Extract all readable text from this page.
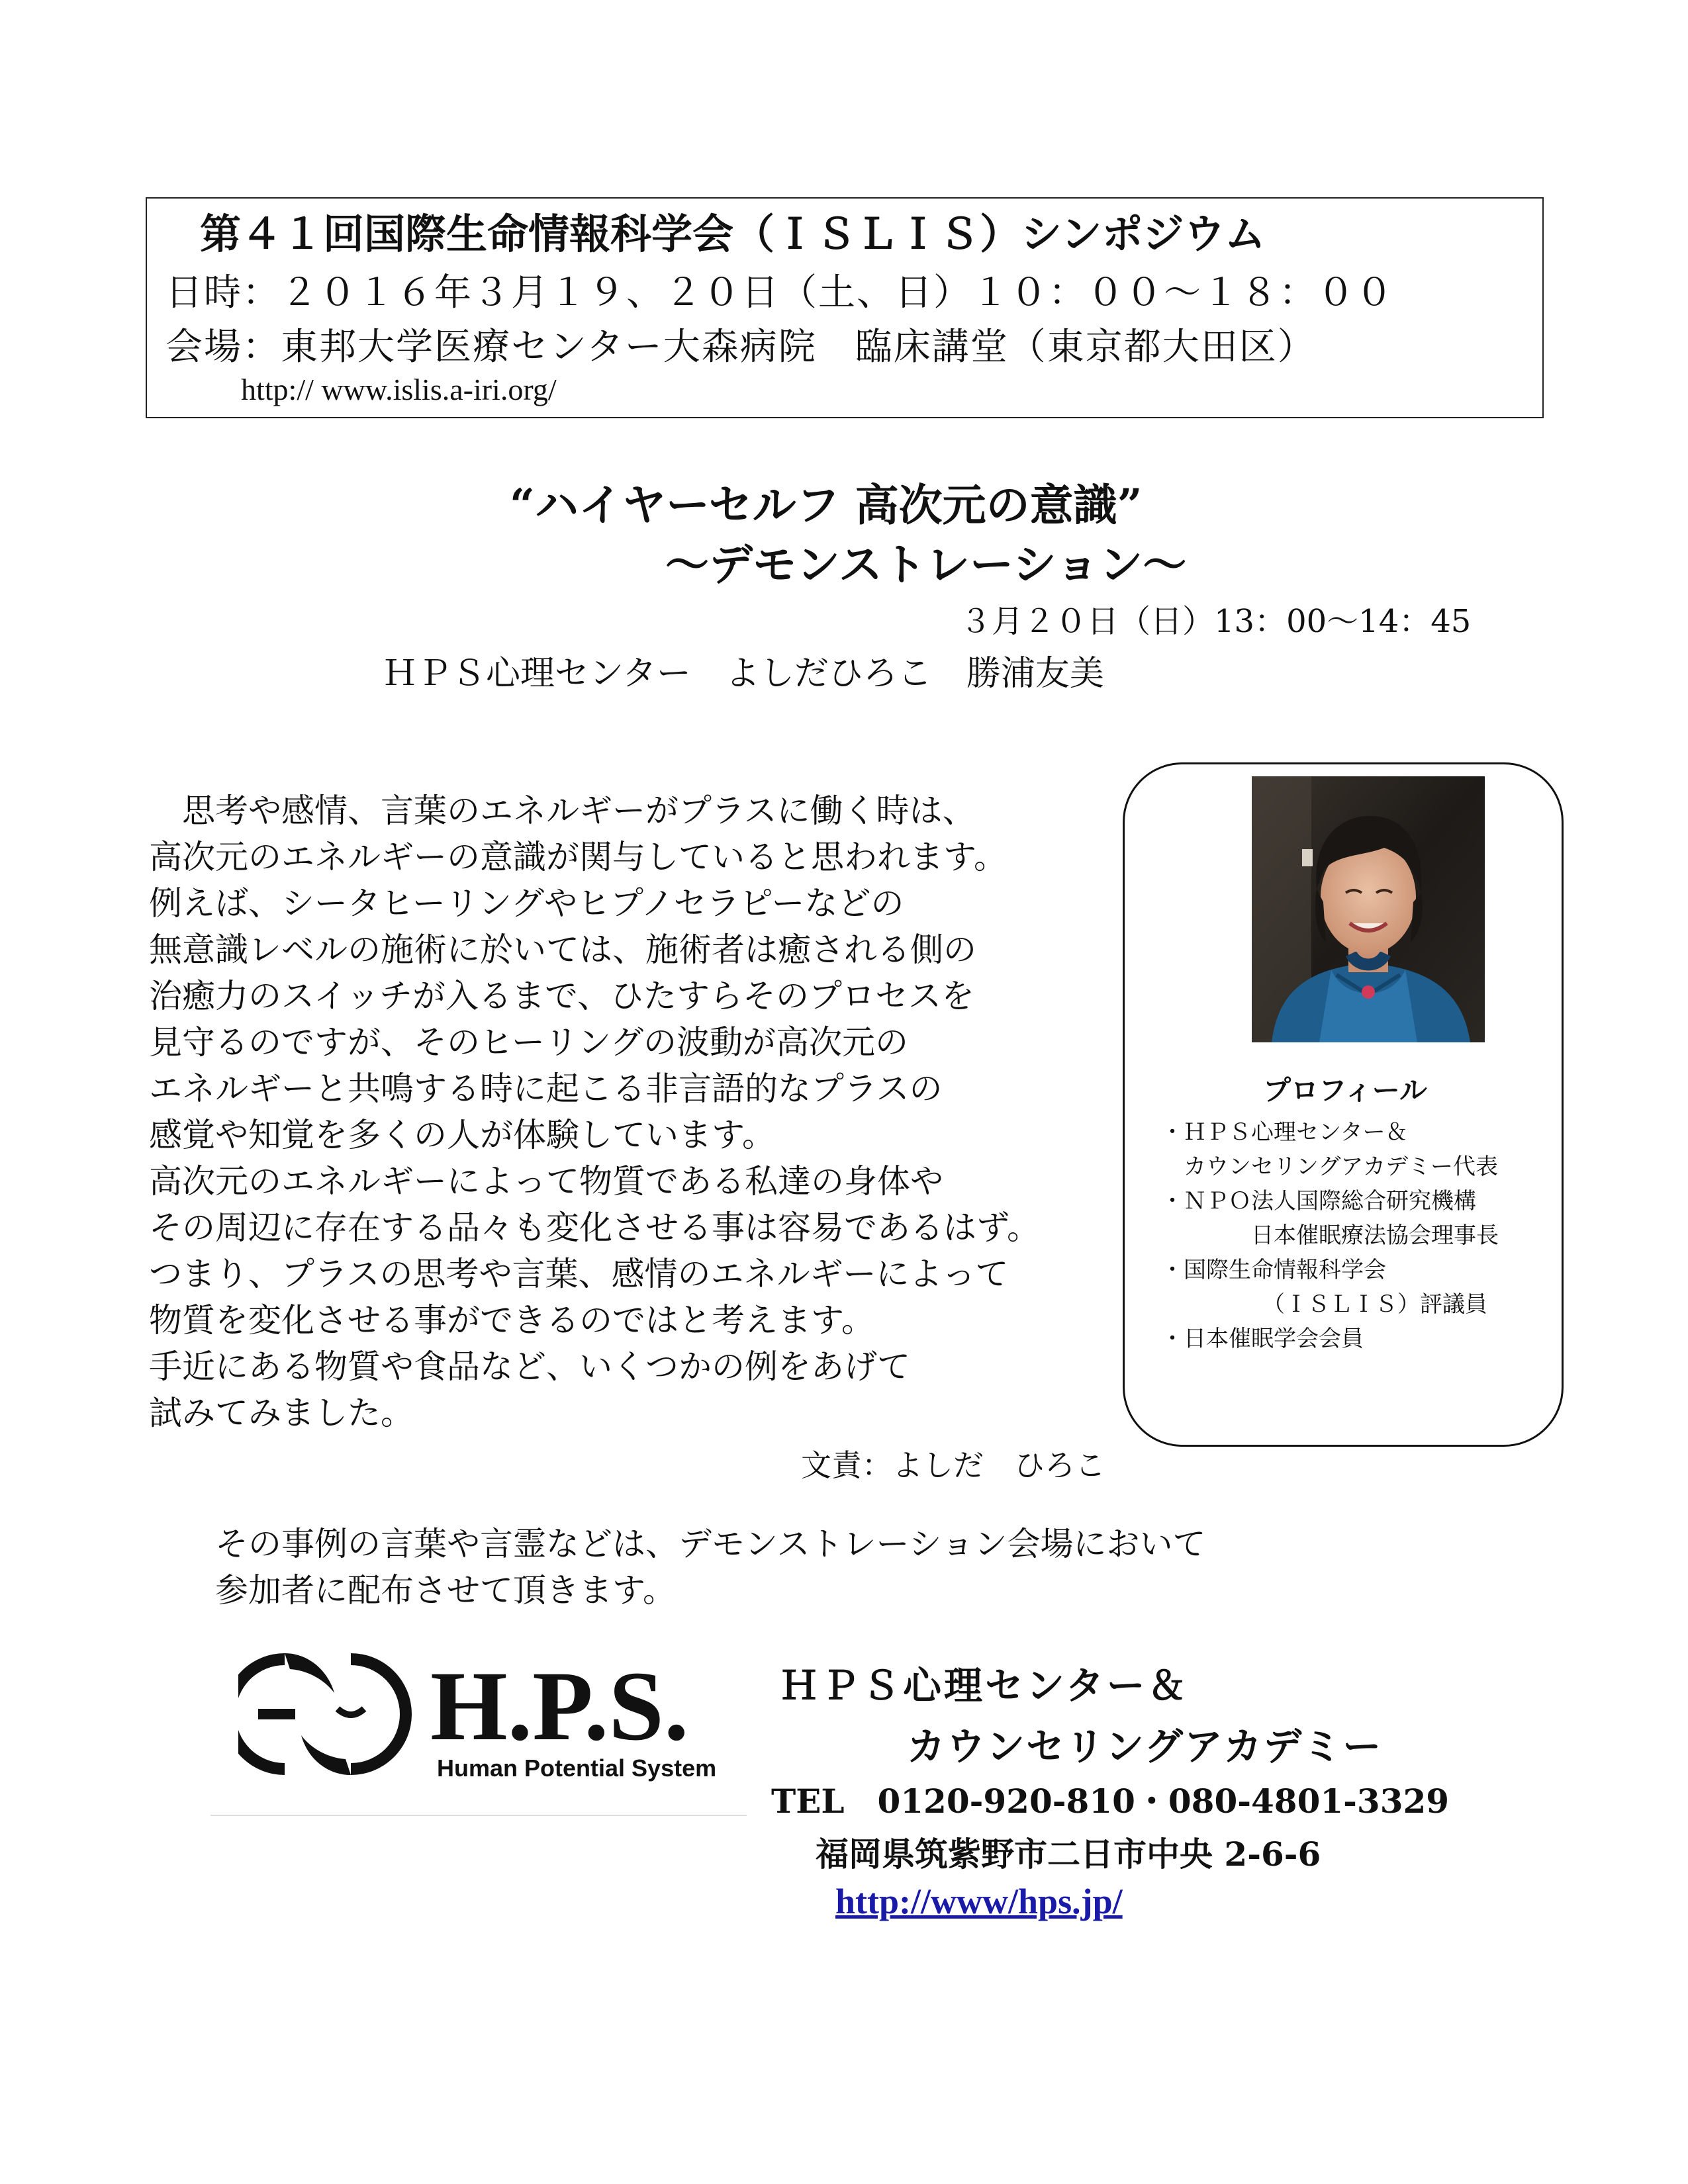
第４１回国際生命情報科学会（ＩＳＬＩＳ）シンポジウム
日時：２０１６年３月１９、２０日（土、日）１０：００～１８：００
会場：東邦大学医療センター大森病院　臨床講堂（東京都大田区）
http:// www.islis.a-iri.org/
“ハイヤーセルフ 高次元の意識”
～デモンストレーション～
３月２０日（日）13：00～14：45
ＨＰＳ心理センター　よしだひろこ　勝浦友美

　思考や感情、言葉のエネルギーがプラスに働く時は、

高次元のエネルギーの意識が関与していると思われます。

例えば、シータヒーリングやヒプノセラピーなどの

無意識レベルの施術に於いては、施術者は癒される側の

治癒力のスイッチが入るまで、ひたすらそのプロセスを

見守るのですが、そのヒーリングの波動が高次元の

エネルギーと共鳴する時に起こる非言語的なプラスの

感覚や知覚を多くの人が体験しています。

高次元のエネルギーによって物質である私達の身体や

その周辺に存在する品々も変化させる事は容易であるはず。

つまり、プラスの思考や言葉、感情のエネルギーによって

物質を変化させる事ができるのではと考えます。

手近にある物質や食品など、いくつかの例をあげて

試みてみました。

文責：よしだ　ひろこ
プロフィール
・ＨＰＳ心理センター＆
　カウンセリングアカデミー代表
・ＮＰＯ法人国際総合研究機構
　　　　日本催眠療法協会理事長
・国際生命情報科学会
　　　　　（ＩＳＬＩＳ）評議員
・日本催眠学会会員

その事例の言葉や言霊などは、デモンストレーション会場において

参加者に配布させて頂きます。

H.P.S.
Human Potential System
ＨＰＳ心理センター＆
カウンセリングアカデミー
TEL　0120-920-810・080-4801-3329
福岡県筑紫野市二日市中央 2-6-6
http://www/hps.jp/
